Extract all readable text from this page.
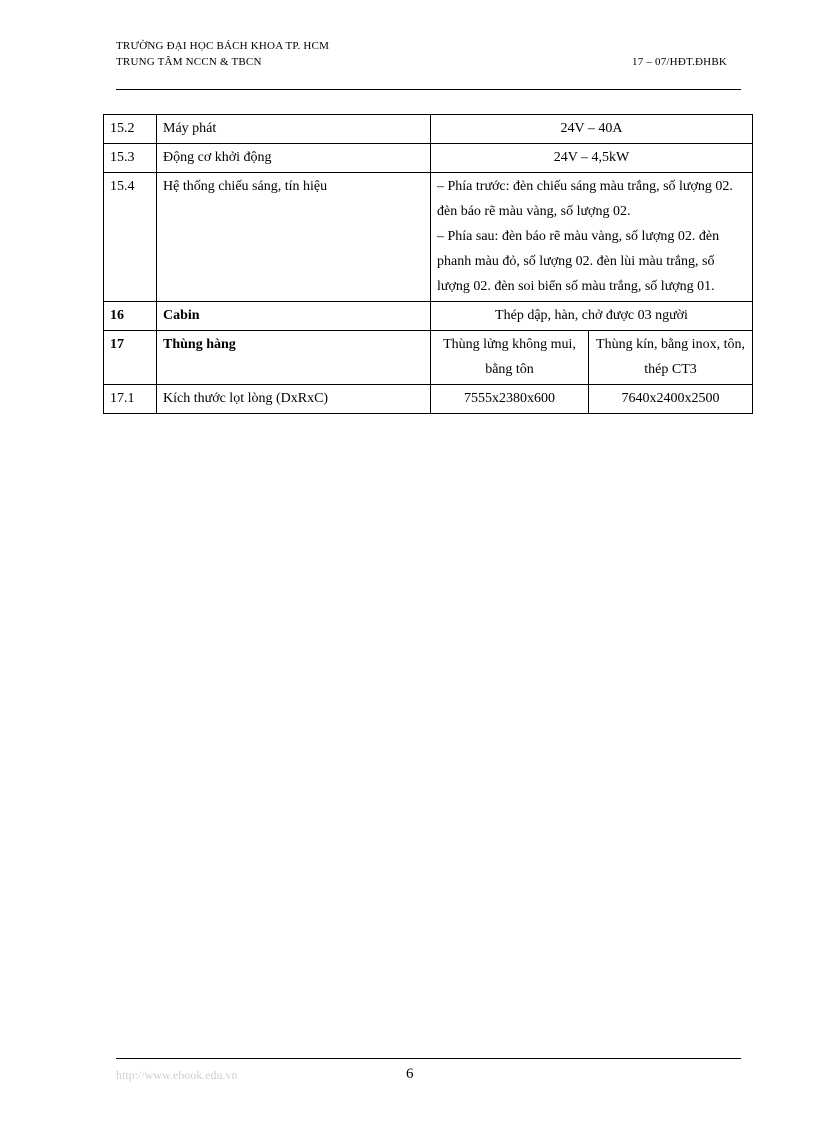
TRƯỜNG ĐẠI HỌC BÁCH KHOA TP. HCM
TRUNG TÂM NCCN & TBCN	17 – 07/HĐT.ĐHBK
15.2	Máy phát	24V – 40A	
15.3	Động cơ khởi động	24V – 4,5kW	
15.4	Hệ thống chiếu sáng, tín hiệu	– Phía trước: đèn chiếu sáng màu trắng, số lượng 02. đèn báo rẽ màu vàng, số lượng 02.
– Phía sau: đèn báo rẽ màu vàng, số lượng 02. đèn phanh màu đỏ, số lượng 02. đèn lùi màu trắng, số lượng 02. đèn soi biển số màu trắng, số lượng 01.	

16	Cabin	Thép dập, hàn, chở được 03 người	
17	Thùng hàng	Thùng lửng không mui, bằng tôn	Thùng kín, bằng inox, tôn, thép CT3
17.1	Kích thước lọt lòng (DxRxC)	7555x2380x600	7640x2400x2500
http://www.ebook.edu.vn	6
